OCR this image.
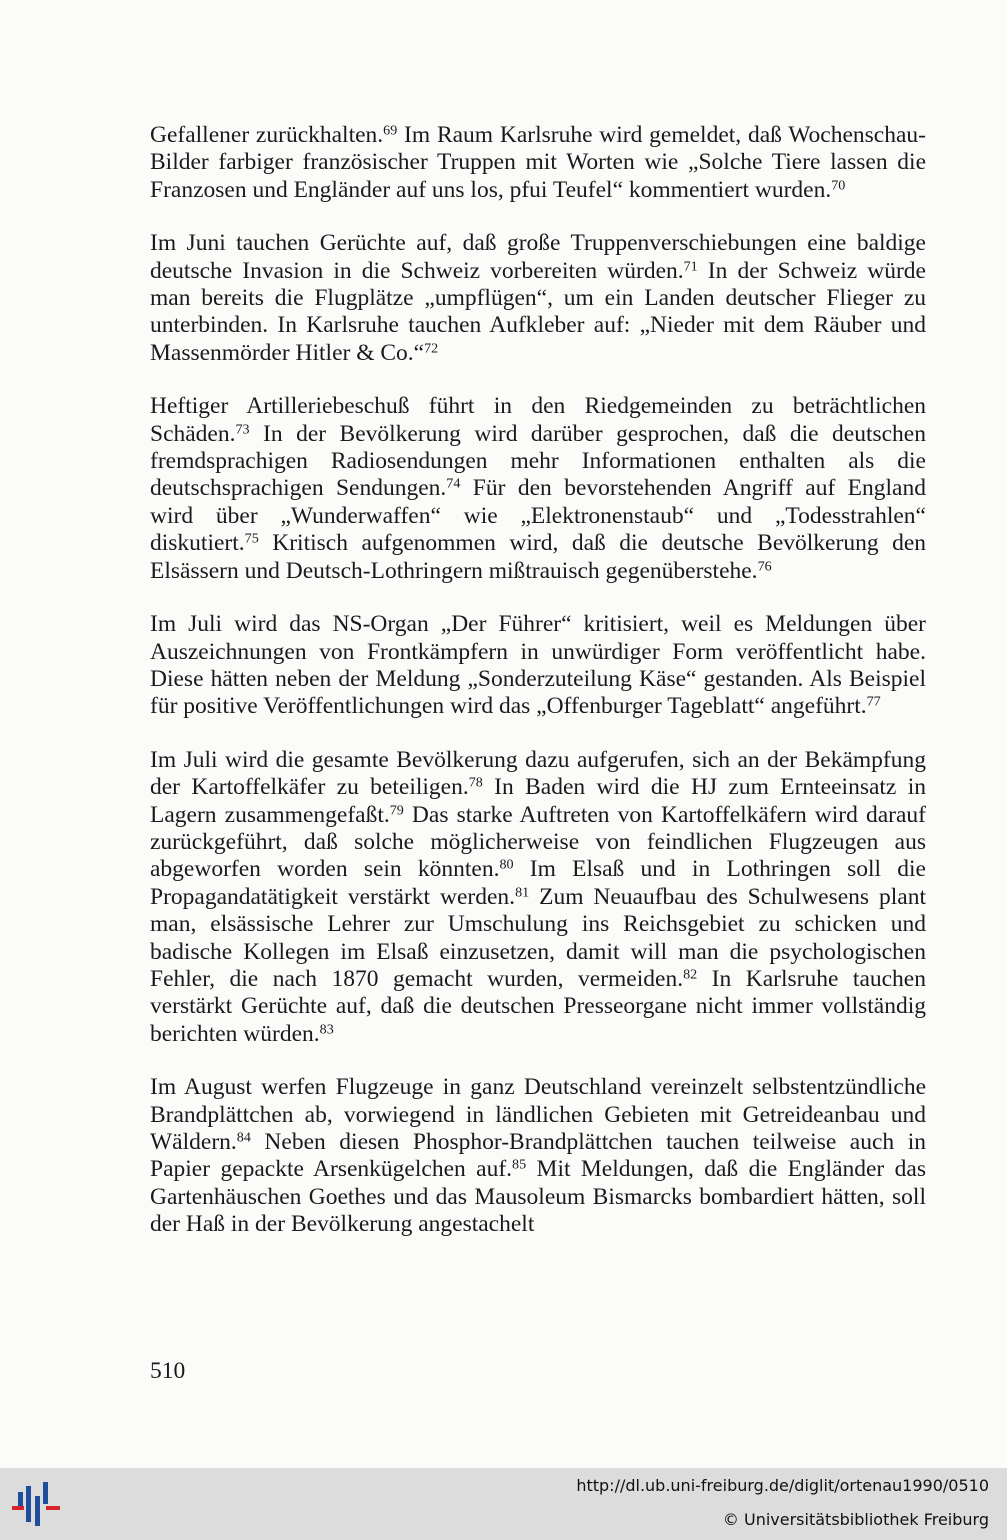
Gefallener zurückhalten.$^{69}$ Im Raum Karlsruhe wird gemeldet, daß Wochenschau-Bilder farbiger französischer Truppen mit Worten wie „Solche Tiere lassen die Franzosen und Engländer auf uns los, pfui Teufel“ kommentiert wurden.$^{70}$

Im Juni tauchen Gerüchte auf, daß große Truppenverschiebungen eine baldige deutsche Invasion in die Schweiz vorbereiten würden.$^{71}$ In der Schweiz würde man bereits die Flugplätze „umpflügen“, um ein Landen deutscher Flieger zu unterbinden. In Karlsruhe tauchen Aufkleber auf: „Nieder mit dem Räuber und Massenmörder Hitler & Co.“$^{72}$

Heftiger Artilleriebeschuß führt in den Riedgemeinden zu beträchtlichen Schäden.$^{73}$ In der Bevölkerung wird darüber gesprochen, daß die deutschen fremdsprachigen Radiosendungen mehr Informationen enthalten als die deutschsprachigen Sendungen.$^{74}$ Für den bevorstehenden Angriff auf England wird über „Wunderwaffen“ wie „Elektronenstaub“ und „Todesstrahlen“ diskutiert.$^{75}$ Kritisch aufgenommen wird, daß die deutsche Bevölkerung den Elsässern und Deutsch-Lothringern mißtrauisch gegenüberstehe.$^{76}$

Im Juli wird das NS-Organ „Der Führer“ kritisiert, weil es Meldungen über Auszeichnungen von Frontkämpfern in unwürdiger Form veröffentlicht habe. Diese hätten neben der Meldung „Sonderzuteilung Käse“ gestanden. Als Beispiel für positive Veröffentlichungen wird das „Offenburger Tageblatt“ angeführt.$^{77}$

Im Juli wird die gesamte Bevölkerung dazu aufgerufen, sich an der Bekämpfung der Kartoffelkäfer zu beteiligen.$^{78}$ In Baden wird die HJ zum Ernteeinsatz in Lagern zusammengefaßt.$^{79}$ Das starke Auftreten von Kartoffelkäfern wird darauf zurückgeführt, daß solche möglicherweise von feindlichen Flugzeugen aus abgeworfen worden sein könnten.$^{80}$ Im Elsaß und in Lothringen soll die Propagandatätigkeit verstärkt werden.$^{81}$ Zum Neuaufbau des Schulwesens plant man, elsässische Lehrer zur Umschulung ins Reichsgebiet zu schicken und badische Kollegen im Elsaß einzusetzen, damit will man die psychologischen Fehler, die nach 1870 gemacht wurden, vermeiden.$^{82}$ In Karlsruhe tauchen verstärkt Gerüchte auf, daß die deutschen Presseorgane nicht immer vollständig berichten würden.$^{83}$

Im August werfen Flugzeuge in ganz Deutschland vereinzelt selbstentzündliche Brandplättchen ab, vorwiegend in ländlichen Gebieten mit Getreideanbau und Wäldern.$^{84}$ Neben diesen Phosphor-Brandplättchen tauchen teilweise auch in Papier gepackte Arsenkügelchen auf.$^{85}$ Mit Meldungen, daß die Engländer das Gartenhäuschen Goethes und das Mausoleum Bismarcks bombardiert hätten, soll der Haß in der Bevölkerung angestachelt

510
http://dl.ub.uni-freiburg.de/diglit/ortenau1990/0510
© Universitätsbibliothek Freiburg
